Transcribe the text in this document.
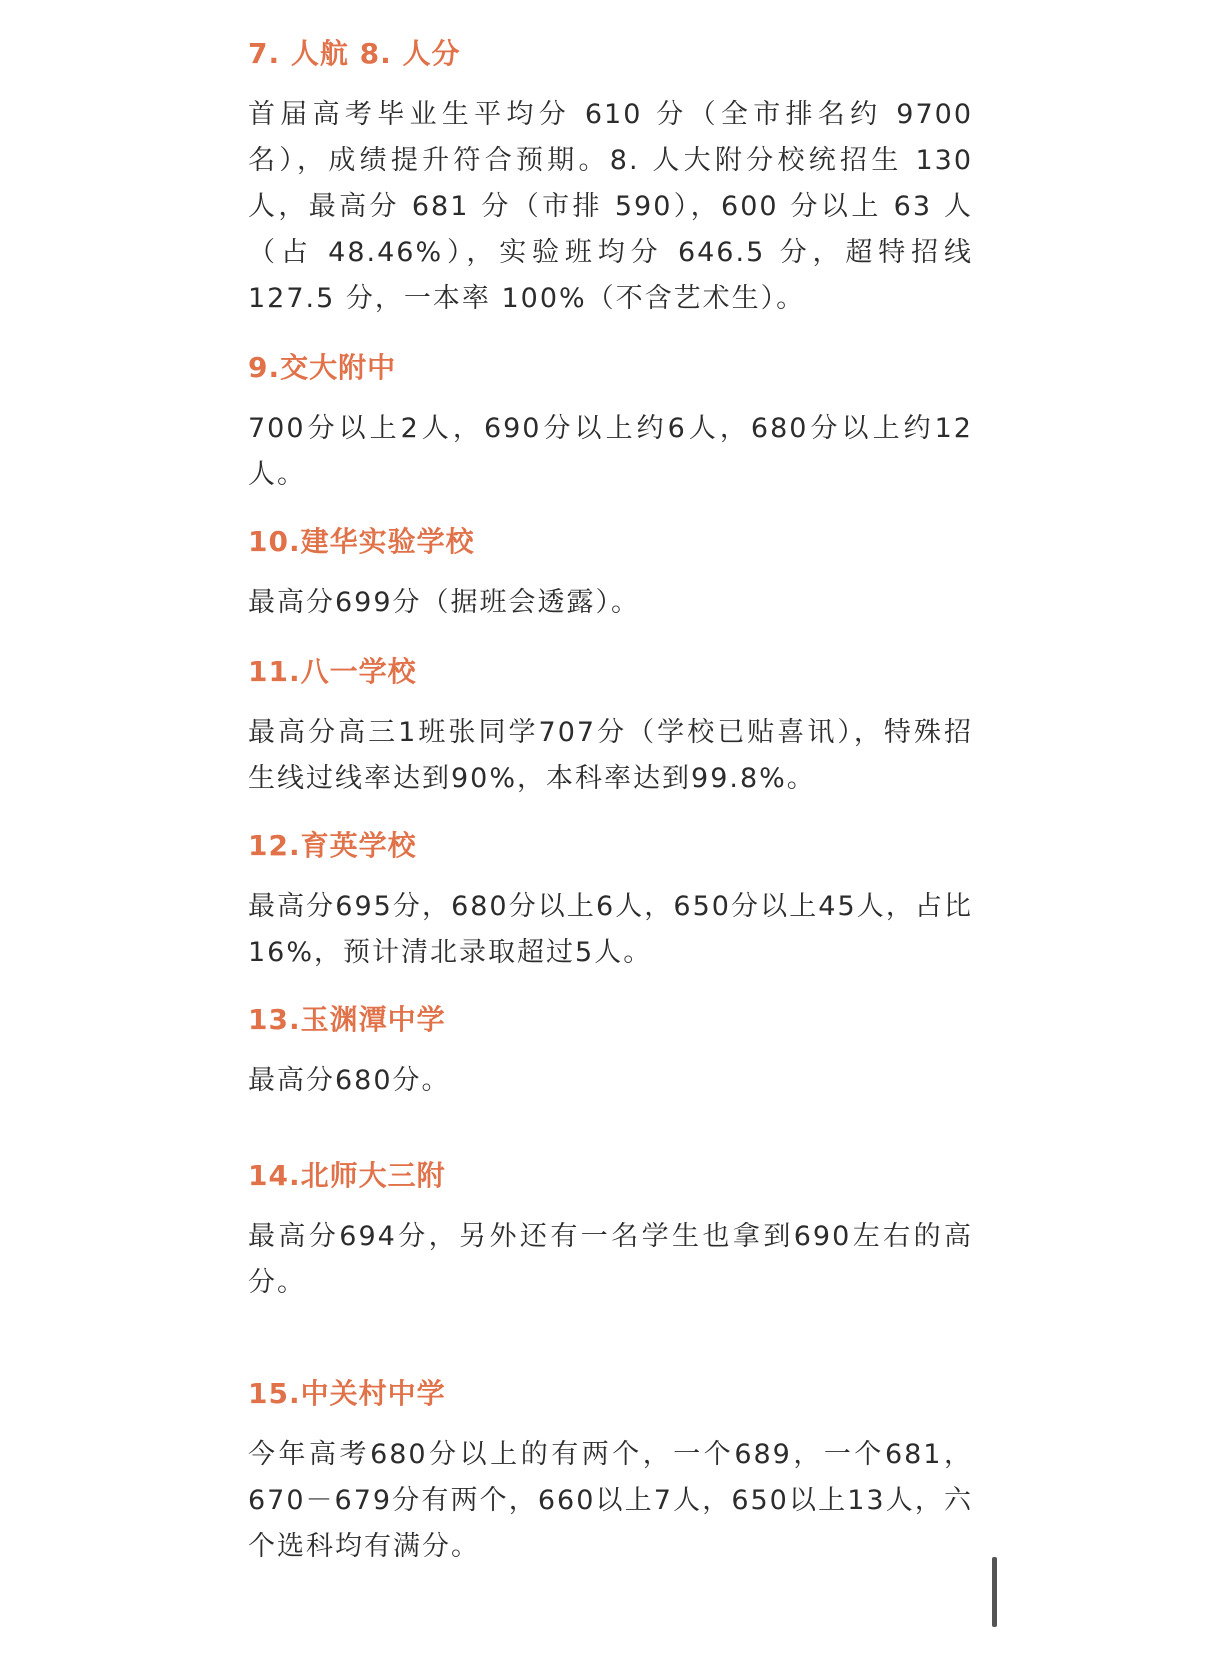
7. 人航 8. 人分
首届高考毕业生平均分 610 分（全市排名约 9700 名），成绩提升符合预期。8. 人大附分校统招生 130 人，最高分 681 分（市排 590），600 分以上 63 人（占 48.46%），实验班均分 646.5 分，超特招线 127.5 分，一本率 100%（不含艺术生）。
9.交大附中
700分以上2人，690分以上约6人，680分以上约12人。
10.建华实验学校
最高分699分（据班会透露）。
11.八一学校
最高分高三1班张同学707分（学校已贴喜讯），特殊招生线过线率达到90%，本科率达到99.8%。
12.育英学校
最高分695分，680分以上6人，650分以上45人，占比16%，预计清北录取超过5人。
13.玉渊潭中学
最高分680分。
14.北师大三附
最高分694分，另外还有一名学生也拿到690左右的高分。
15.中关村中学
今年高考680分以上的有两个，一个689，一个681，670－679分有两个，660以上7人，650以上13人，六个选科均有满分。
